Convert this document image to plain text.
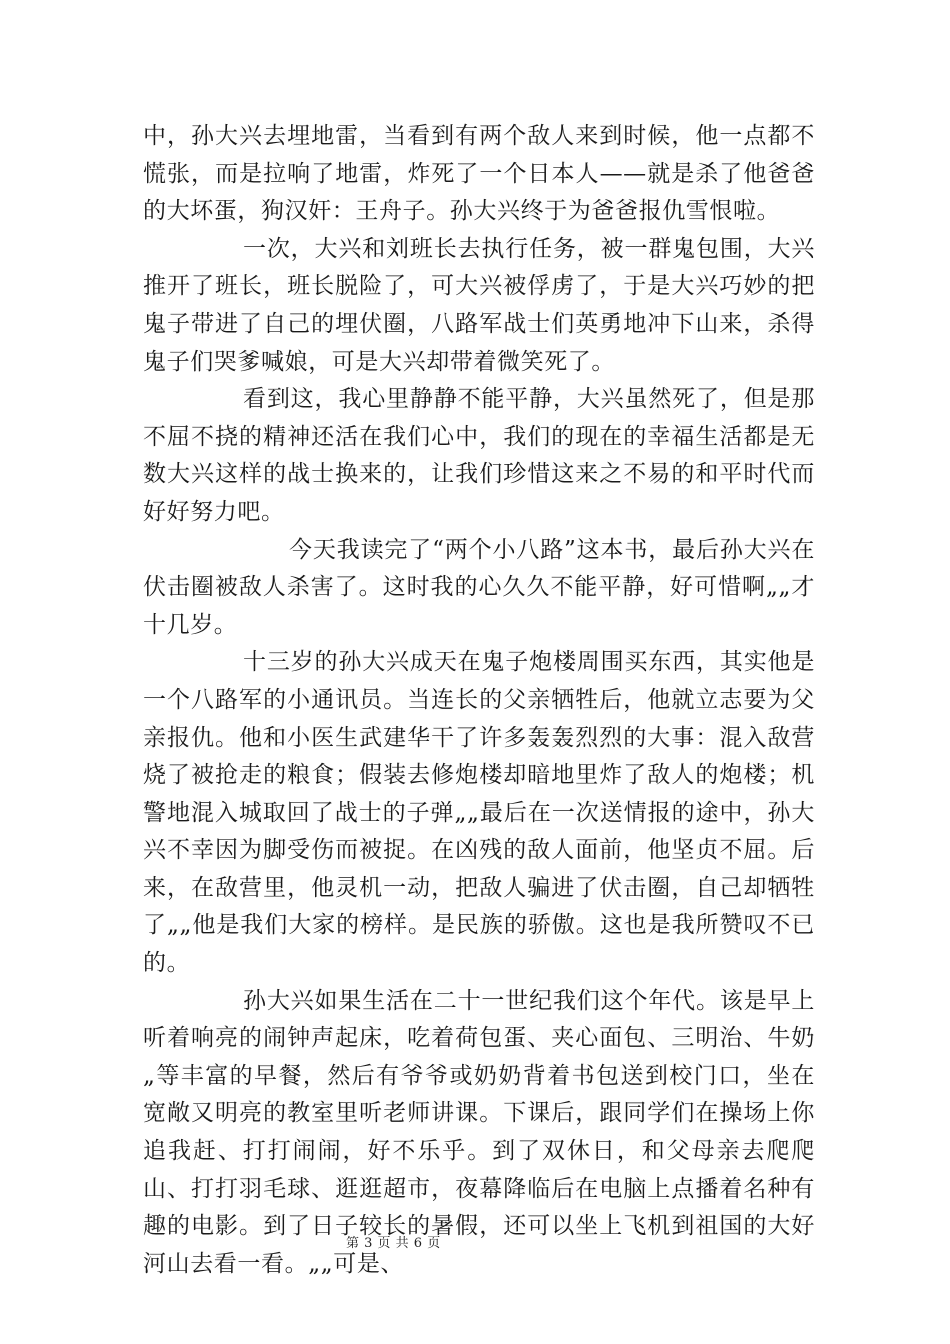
中，孙大兴去埋地雷，当看到有两个敌人来到时候，他一点都不慌张，而是拉响了地雷，炸死了一个日本人——就是杀了他爸爸的大坏蛋，狗汉奸：王舟子。孙大兴终于为爸爸报仇雪恨啦。

一次，大兴和刘班长去执行任务，被一群鬼包围，大兴推开了班长，班长脱险了，可大兴被俘虏了，于是大兴巧妙的把鬼子带进了自己的埋伏圈，八路军战士们英勇地冲下山来，杀得鬼子们哭爹喊娘，可是大兴却带着微笑死了。

看到这，我心里静静不能平静，大兴虽然死了，但是那不屈不挠的精神还活在我们心中，我们的现在的幸福生活都是无数大兴这样的战士换来的，让我们珍惜这来之不易的和平时代而好好努力吧。

今天我读完了“两个小八路”这本书，最后孙大兴在伏击圈被敌人杀害了。这时我的心久久不能平静，好可惜啊„„才十几岁。

十三岁的孙大兴成天在鬼子炮楼周围买东西，其实他是一个八路军的小通讯员。当连长的父亲牺牲后，他就立志要为父亲报仇。他和小医生武建华干了许多轰轰烈烈的大事：混入敌营烧了被抢走的粮食；假装去修炮楼却暗地里炸了敌人的炮楼；机警地混入城取回了战士的子弹„„最后在一次送情报的途中，孙大兴不幸因为脚受伤而被捉。在凶残的敌人面前，他坚贞不屈。后来，在敌营里，他灵机一动，把敌人骗进了伏击圈，自己却牺牲了„„他是我们大家的榜样。是民族的骄傲。这也是我所赞叹不已的。

孙大兴如果生活在二十一世纪我们这个年代。该是早上听着响亮的闹钟声起床，吃着荷包蛋、夹心面包、三明治、牛奶„等丰富的早餐，然后有爷爷或奶奶背着书包送到校门口，坐在宽敞又明亮的教室里听老师讲课。下课后，跟同学们在操场上你追我赶、打打闹闹，好不乐乎。到了双休日，和父母亲去爬爬山、打打羽毛球、逛逛超市，夜幕降临后在电脑上点播着名种有趣的电影。到了日子较长的暑假，还可以坐上飞机到祖国的大好河山去看一看。„„可是、

第 3 页 共 6 页
